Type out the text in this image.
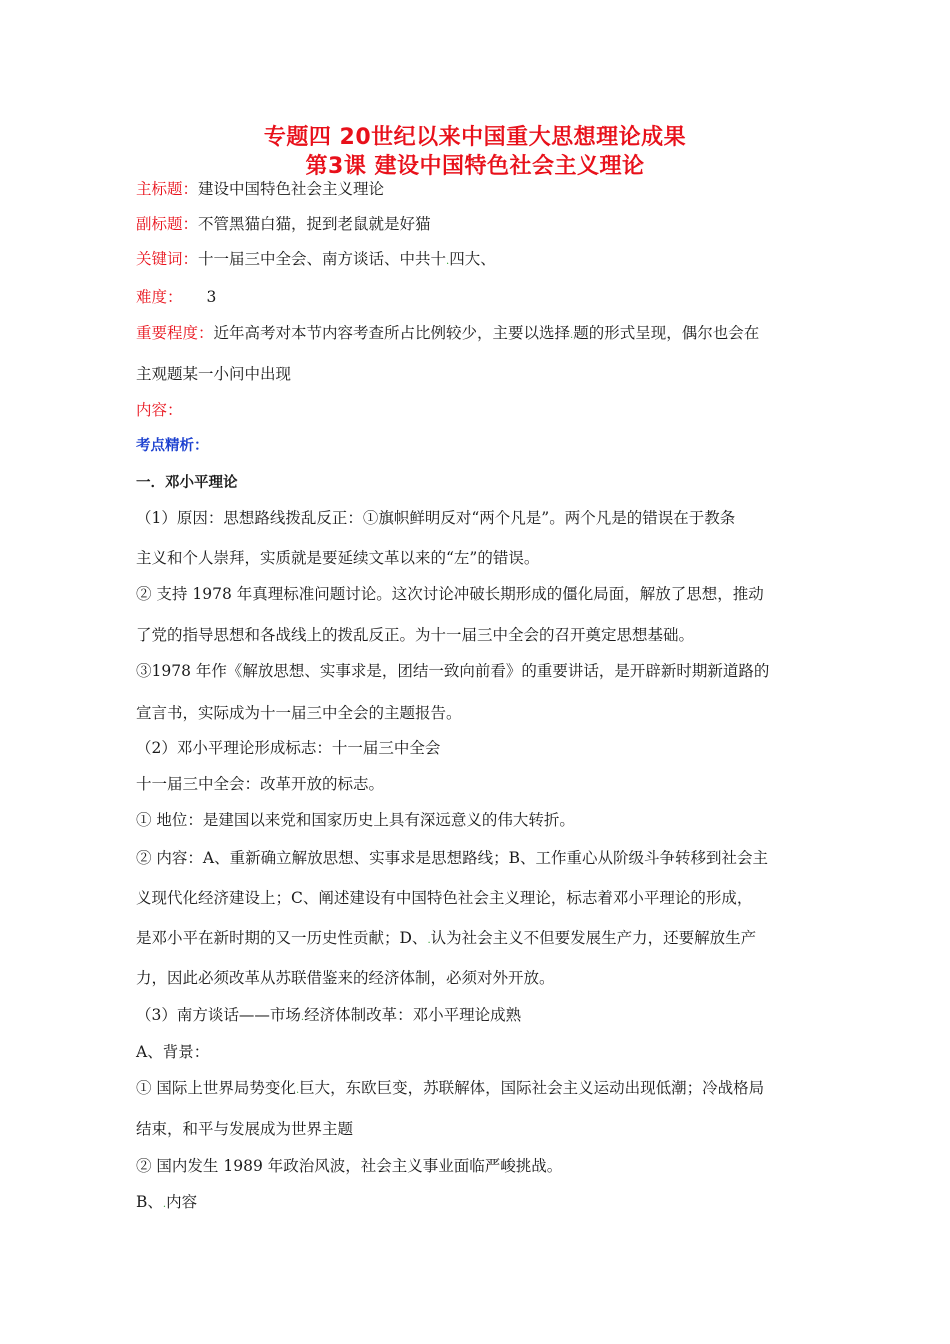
专题四 20世纪以来中国重大思想理论成果
第3课 建设中国特色社会主义理论
主标题：建设中国特色社会主义理论
副标题：不管黑猫白猫，捉到老鼠就是好猫
关键词：十一届三中全会、南方谈话、中共十.四大、
难度： 3
重要程度：近年高考对本节内容考查所占比例较少，主要以选择.题的形式呈现，偶尔也会在
主观题某一小问中出现
内容：
考点精析：
一．邓小平理论
（1）原因：思想路线拨乱反正：①旗帜鲜明反对“两个凡是”。两个凡是的错误在于教条
主义和个人崇拜，实质就是要延续文革以来的“左”的错误。
② 支持 1978 年真理标准问题讨论。这次讨论冲破长期形成的僵化局面，解放了思想，推动
了党的指导思想和各战线上的拨乱反正。为十一届三中全会的召开奠定思想基础。
③1978 年作《解放思想、实事求是，团结一致向前看》的重要讲话，是开辟新时期新道路的
宣言书，实际成为十一届三中全会的主题报告。
（2）邓小平理论形成标志：十一届三中全会
十一届三中全会：改革开放的标志。
① 地位：是建国以来党和国家历史上具有深远意义的伟大转折。
② 内容：A、重新确立解放思想、实事求是思想路线；B、工作重心从阶级斗争转移到社会主
义现代化经济建设上；C、阐述建设有中国特色社会主义理论，标志着邓小平理论的形成，
是邓小平在新时期的又一历史性贡献；D、.认为社会主义不但要发展生产力，还要解放生产
力，因此必须改革从苏联借鉴来的经济体制，必须对外开放。
（3）南方谈话——市场.经济体制改革：邓小平理论成熟
A、背景：
① 国际上世界局势变化.巨大，东欧巨变，苏联解体，国际社会主义运动出现低潮；冷战格局
结束，和平与发展成为世界主题
② 国内发生 1989 年政治风波，社会主义事业面临严峻挑战。
B、.内容
